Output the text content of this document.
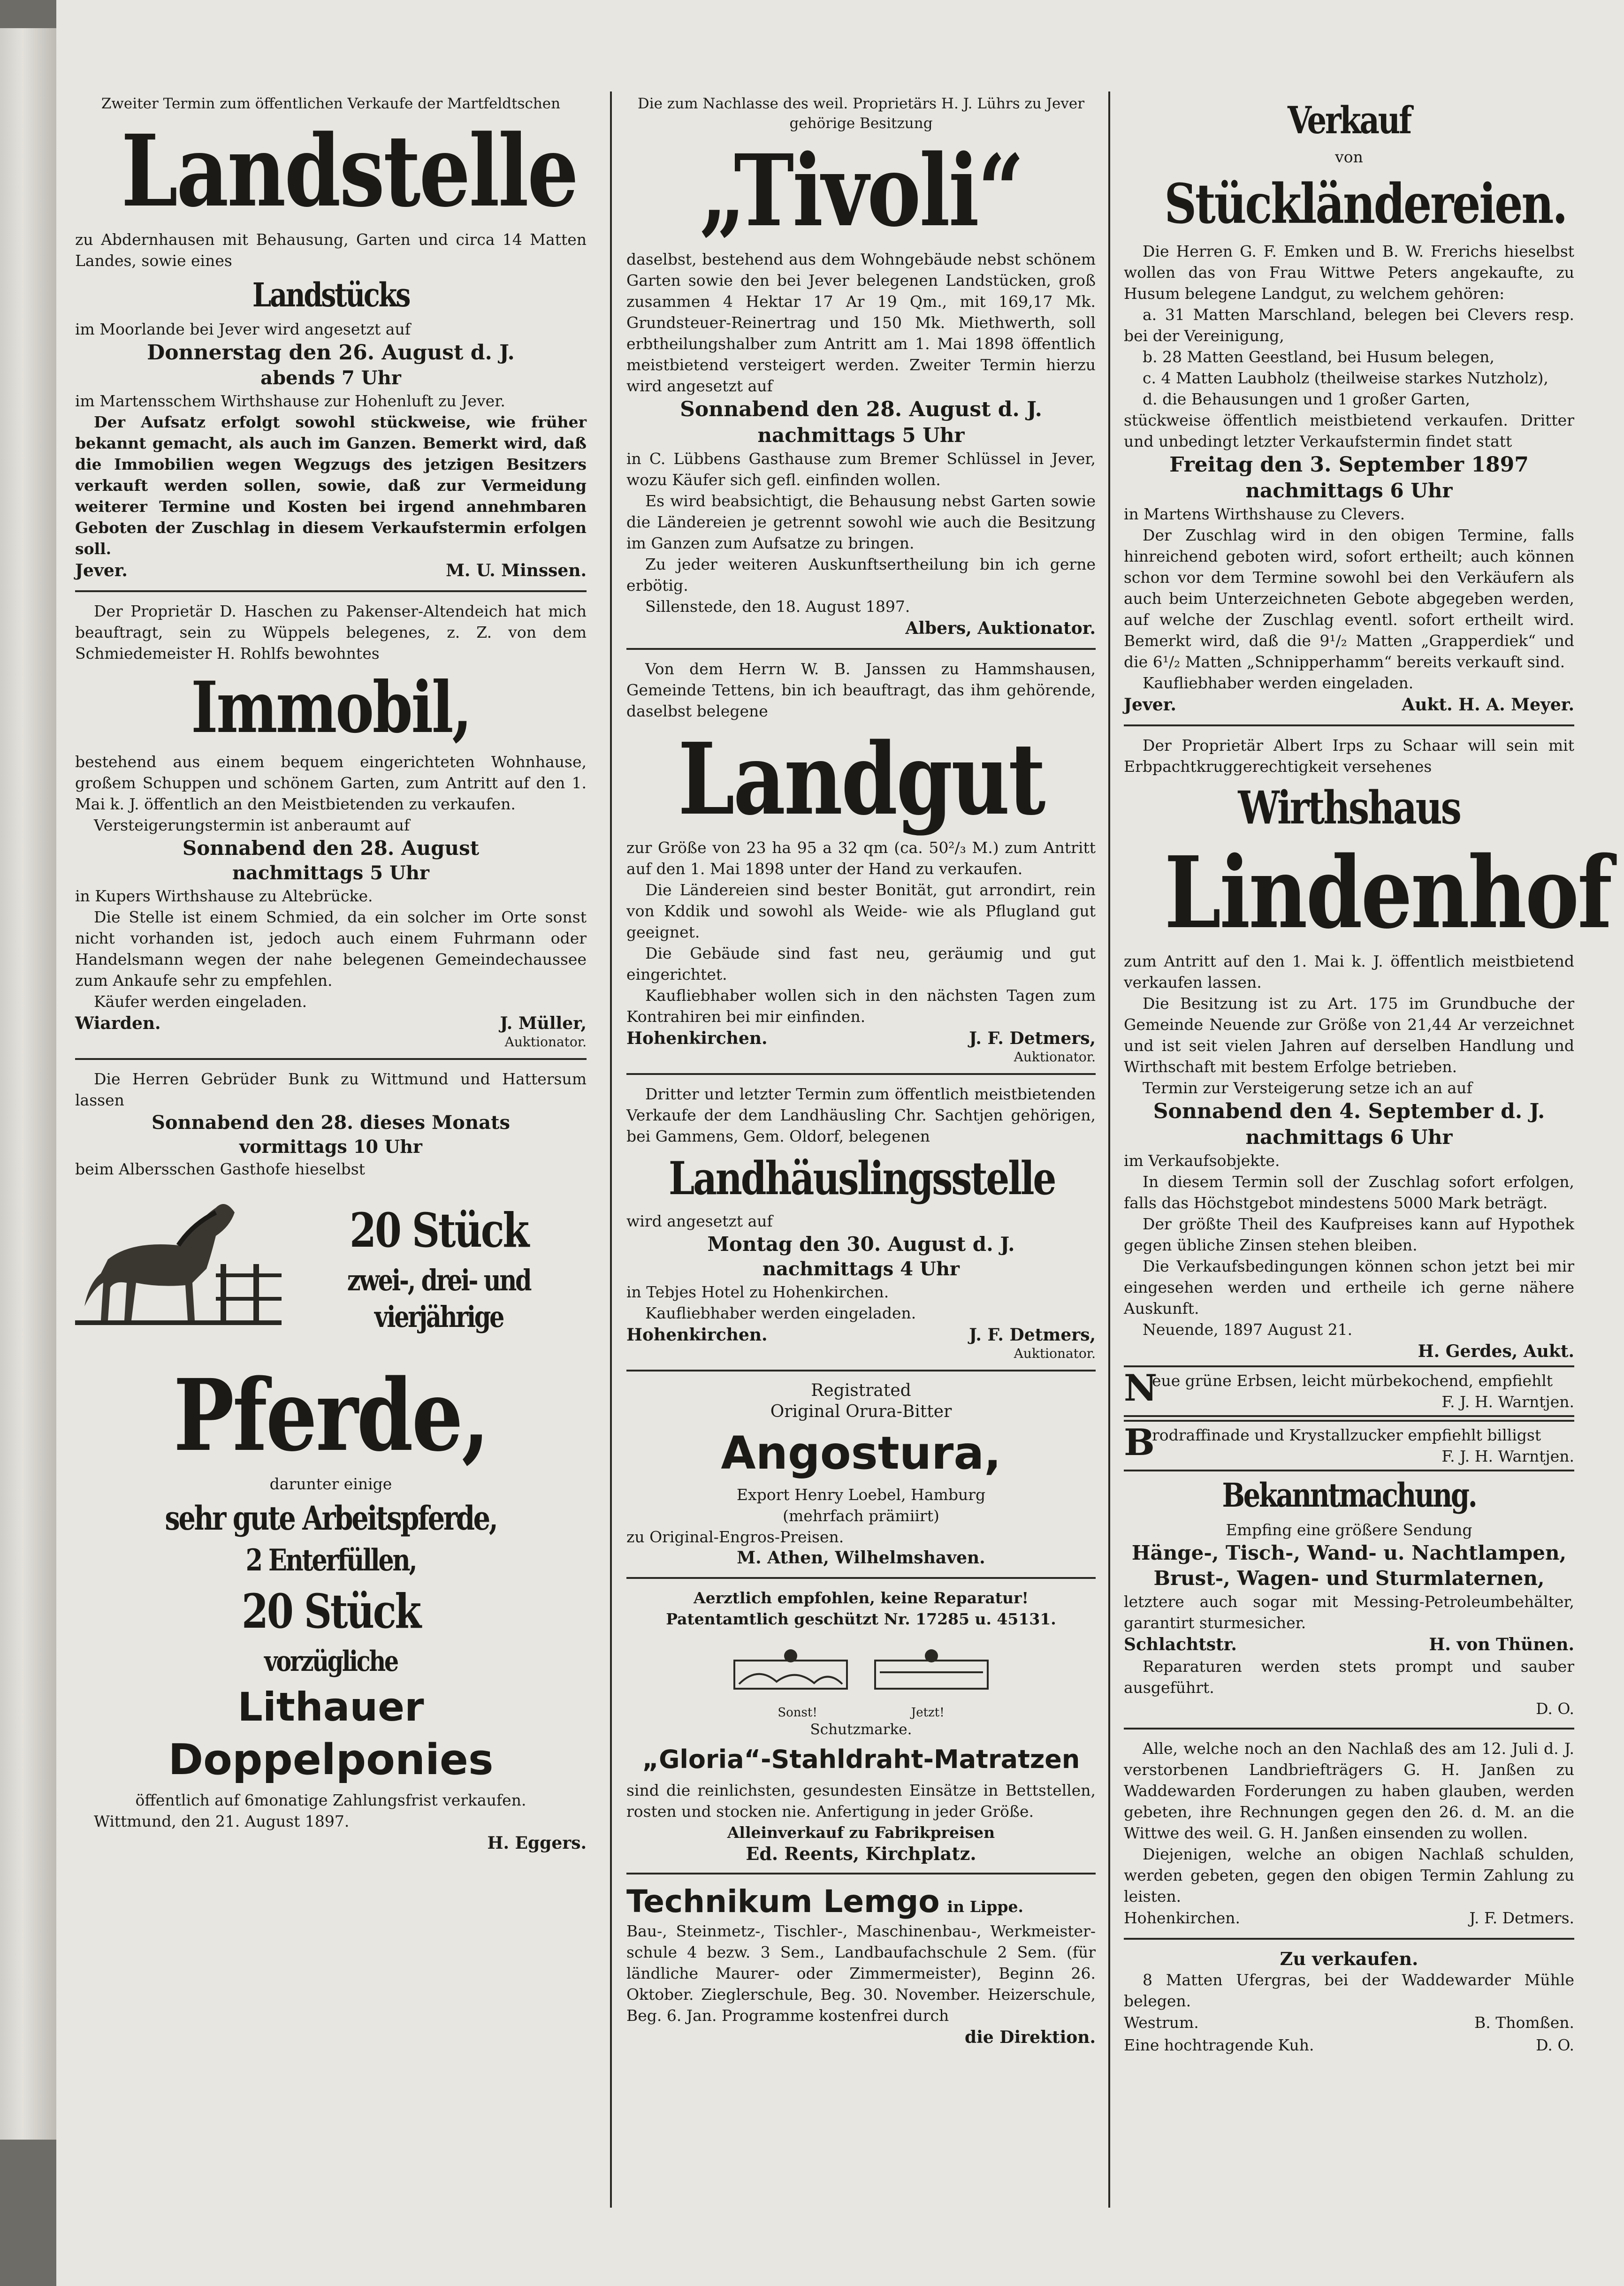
Zweiter Termin zum öffentlichen Verkaufe der Martfeldtschen

Landstelle

zu Abdernhausen mit Behausung, Garten und circa 14 Matten Landes, sowie eines

Landstücks

im Moorlande bei Jever wird angesetzt auf

Donnerstag den 26. August d. J.

abends 7 Uhr

im Martensschem Wirthshause zur Hohenluft zu Jever.

Der Aufsatz erfolgt sowohl stückweise, wie früher bekannt gemacht, als auch im Ganzen. Bemerkt wird, daß die Immobilien wegen Wegzugs des jetzigen Besitzers verkauft werden sollen, sowie, daß zur Vermeidung weiterer Termine und Kosten bei irgend annehmbaren Geboten der Zuschlag in diesem Verkaufstermin erfolgen soll.

Jever.	M. U. Minssen.

Der Proprietär D. Haschen zu Pakenser-Altendeich hat mich beauftragt, sein zu Wüppels belegenes, z. Z. von dem Schmiedemeister H. Rohlfs bewohntes

Immobil,

bestehend aus einem bequem eingerichteten Wohnhause, großem Schuppen und schönem Garten, zum Antritt auf den 1. Mai k. J. öffentlich an den Meistbietenden zu verkaufen.

Versteigerungstermin ist anberaumt auf

Sonnabend den 28. August

nachmittags 5 Uhr

in Kupers Wirthshause zu Altebrücke.

Die Stelle ist einem Schmied, da ein solcher im Orte sonst nicht vorhanden ist, jedoch auch einem Fuhrmann oder Handelsmann wegen der nahe belegenen Gemeindechaussee zum Ankaufe sehr zu empfehlen.

Käufer werden eingeladen.

Wiarden.	J. Müller,
Auktionator.

Die Herren Gebrüder Bunk zu Wittmund und Hattersum lassen

Sonnabend den 28. dieses Monats

vormittags 10 Uhr

beim Albersschen Gasthofe hieselbst

20 Stück
zwei-, drei- und vierjährige
Pferde,

darunter einige

sehr gute Arbeitspferde,
2 Enterfüllen,
20 Stück
vorzügliche
Lithauer
Doppelponies

öffentlich auf 6monatige Zahlungsfrist verkaufen.

Wittmund, den 21. August 1897.

H. Eggers.

Die zum Nachlasse des weil. Proprietärs H. J. Lührs zu Jever gehörige Besitzung

„Tivoli“

daselbst, bestehend aus dem Wohngebäude nebst schönem Garten sowie den bei Jever belegenen Landstücken, groß zusammen 4 Hektar 17 Ar 19 Qm., mit 169,17 Mk. Grundsteuer-Reinertrag und 150 Mk. Miethwerth, soll erbtheilungshalber zum Antritt am 1. Mai 1898 öffentlich meistbietend versteigert werden. Zweiter Termin hierzu wird angesetzt auf

Sonnabend den 28. August d. J.

nachmittags 5 Uhr

in C. Lübbens Gasthause zum Bremer Schlüssel in Jever, wozu Käufer sich gefl. einfinden wollen.

Es wird beabsichtigt, die Behausung nebst Garten sowie die Ländereien je getrennt sowohl wie auch die Besitzung im Ganzen zum Aufsatze zu bringen.

Zu jeder weiteren Auskunftsertheilung bin ich gerne erbötig.

Sillenstede, den 18. August 1897.

Albers, Auktionator.

Von dem Herrn W. B. Janssen zu Hammshausen, Gemeinde Tettens, bin ich beauftragt, das ihm gehörende, daselbst belegene

Landgut

zur Größe von 23 ha 95 a 32 qm (ca. 50²/₃ M.) zum Antritt auf den 1. Mai 1898 unter der Hand zu verkaufen.

Die Ländereien sind bester Bonität, gut arrondirt, rein von Kddik und sowohl als Weide- wie als Pflugland gut geeignet.

Die Gebäude sind fast neu, geräumig und gut eingerichtet.

Kaufliebhaber wollen sich in den nächsten Tagen zum Kontrahiren bei mir einfinden.

Hohenkirchen.	J. F. Detmers,
Auktionator.

Dritter und letzter Termin zum öffentlich meistbietenden Verkaufe der dem Landhäusling Chr. Sachtjen gehörigen, bei Gammens, Gem. Oldorf, belegenen

Landhäuslingsstelle

wird angesetzt auf

Montag den 30. August d. J.

nachmittags 4 Uhr

in Tebjes Hotel zu Hohenkirchen.

Kaufliebhaber werden eingeladen.

Hohenkirchen.	J. F. Detmers,
Auktionator.

Registrated

Original Orura-Bitter

Angostura,

Export Henry Loebel, Hamburg

(mehrfach prämiirt)

zu Original-Engros-Preisen.

M. Athen, Wilhelmshaven.

Aerztlich empfohlen, keine Reparatur!

Patentamtlich geschützt Nr. 17285 u. 45131.

Sonst!	Jetzt!

Schutzmarke.

„Gloria“-Stahldraht-Matratzen

sind die reinlichsten, gesundesten Einsätze in Bettstellen, rosten und stocken nie. Anfertigung in jeder Größe.

Alleinverkauf zu Fabrikpreisen

Ed. Reents, Kirchplatz.

Technikum Lemgo in Lippe.

Bau-, Steinmetz-, Tischler-, Maschinenbau-, Werkmeister-schule 4 bezw. 3 Sem., Landbaufachschule 2 Sem. (für ländliche Maurer- oder Zimmermeister), Beginn 26. Oktober. Zieglerschule, Beg. 30. November. Heizerschule, Beg. 6. Jan. Programme kostenfrei durch

die Direktion.
Verkauf

von

Stückländereien.

Die Herren G. F. Emken und B. W. Frerichs hieselbst wollen das von Frau Wittwe Peters angekaufte, zu Husum belegene Landgut, zu welchem gehören:

a. 31 Matten Marschland, belegen bei Clevers resp. bei der Vereinigung,

b. 28 Matten Geestland, bei Husum belegen,

c. 4 Matten Laubholz (theilweise starkes Nutzholz),

d. die Behausungen und 1 großer Garten,

stückweise öffentlich meistbietend verkaufen. Dritter und unbedingt letzter Verkaufstermin findet statt

Freitag den 3. September 1897

nachmittags 6 Uhr

in Martens Wirthshause zu Clevers.

Der Zuschlag wird in den obigen Termine, falls hinreichend geboten wird, sofort ertheilt; auch können schon vor dem Termine sowohl bei den Verkäufern als auch beim Unterzeichneten Gebote abgegeben werden, auf welche der Zuschlag eventl. sofort ertheilt wird. Bemerkt wird, daß die 9¹/₂ Matten „Grapperdiek“ und die 6¹/₂ Matten „Schnipperhamm“ bereits verkauft sind.

Kaufliebhaber werden eingeladen.

Jever.	Aukt. H. A. Meyer.

Der Proprietär Albert Irps zu Schaar will sein mit Erbpachtkruggerechtigkeit versehenes

Wirthshaus
Lindenhof

zum Antritt auf den 1. Mai k. J. öffentlich meistbietend verkaufen lassen.

Die Besitzung ist zu Art. 175 im Grundbuche der Gemeinde Neuende zur Größe von 21,44 Ar verzeichnet und ist seit vielen Jahren auf derselben Handlung und Wirthschaft mit bestem Erfolge betrieben.

Termin zur Versteigerung setze ich an auf

Sonnabend den 4. September d. J.

nachmittags 6 Uhr

im Verkaufsobjekte.

In diesem Termin soll der Zuschlag sofort erfolgen, falls das Höchstgebot mindestens 5000 Mark beträgt.

Der größte Theil des Kaufpreises kann auf Hypothek gegen übliche Zinsen stehen bleiben.

Die Verkaufsbedingungen können schon jetzt bei mir eingesehen werden und ertheile ich gerne nähere Auskunft.

Neuende, 1897 August 21.

H. Gerdes, Aukt.
N

eue grüne Erbsen, leicht mürbekochend, empfiehlt

F. J. H. Warntjen.

B

rodraffinade und Krystallzucker empfiehlt billigst

F. J. H. Warntjen.

Bekanntmachung.

Empfing eine größere Sendung

Hänge-, Tisch-, Wand- u. Nachtlampen,

Brust-, Wagen- und Sturmlaternen,

letztere auch sogar mit Messing-Petroleumbehälter, garantirt sturmesicher.

Schlachtstr.	H. von Thünen.

Reparaturen werden stets prompt und sauber ausgeführt.

D. O.

Alle, welche noch an den Nachlaß des am 12. Juli d. J. verstorbenen Landbriefträgers G. H. Janßen zu Waddewarden Forderungen zu haben glauben, werden gebeten, ihre Rechnungen gegen den 26. d. M. an die Wittwe des weil. G. H. Janßen einsenden zu wollen.

Diejenigen, welche an obigen Nachlaß schulden, werden gebeten, gegen den obigen Termin Zahlung zu leisten.

Hohenkirchen.	J. F. Detmers.

Zu verkaufen.

8 Matten Ufergras, bei der Waddewarder Mühle belegen.

Westrum.	B. Thomßen.
Eine hochtragende Kuh.	D. O.
